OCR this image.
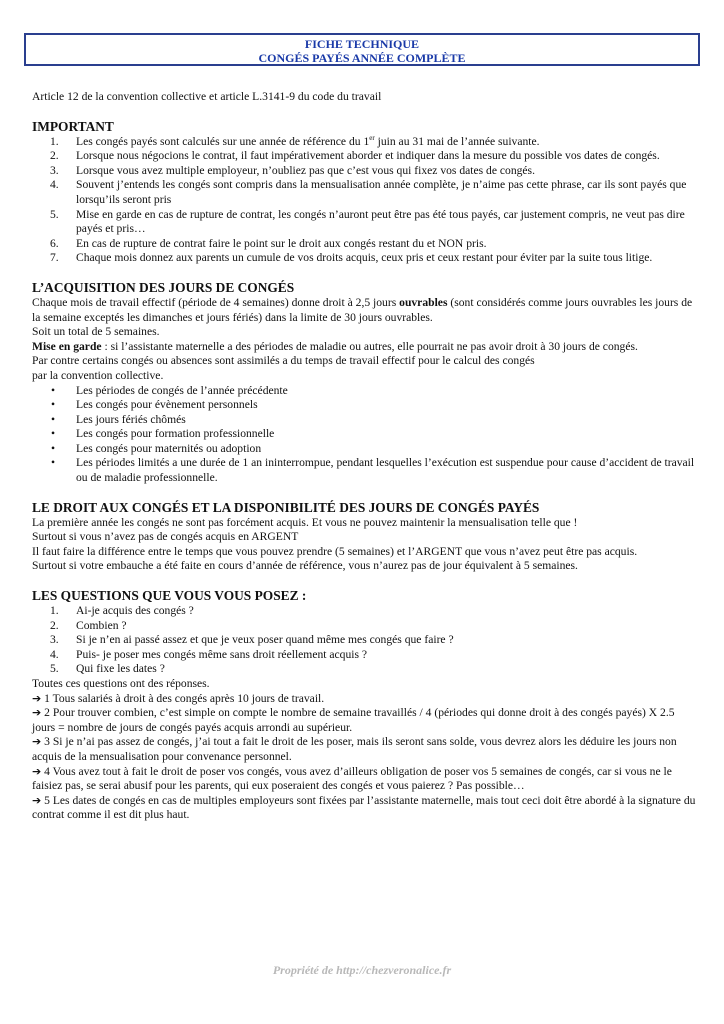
FICHE TECHNIQUE
CONGÉS PAYÉS ANNÉE COMPLÈTE

Article 12 de la convention collective et article L.3141-9 du code du travail

IMPORTANT

1. Les congés payés sont calculés sur une année de référence du 1er juin au 31 mai de l’année suivante.
2. Lorsque nous négocions le contrat, il faut impérativement aborder et indiquer dans la mesure du possible vos dates de congés.
3. Lorsque vous avez multiple employeur, n’oubliez pas que c’est vous qui fixez vos dates de congés.
4. Souvent j’entends les congés sont compris dans la mensualisation année complète, je n’aime pas cette phrase, car ils sont payés que lorsqu’ils seront pris
5. Mise en garde en cas de rupture de contrat, les congés n’auront peut être pas été tous payés, car justement compris, ne veut pas dire payés et pris…
6. En cas de rupture de contrat faire le point sur le droit aux congés restant du et NON pris.
7. Chaque mois donnez aux parents un cumule de vos droits acquis, ceux pris et ceux restant pour éviter par la suite tous litige.

L’ACQUISITION DES JOURS DE CONGÉS

Chaque mois de travail effectif (période de 4 semaines) donne droit à 2,5 jours ouvrables (sont considérés comme jours ouvrables les jours de la semaine exceptés les dimanches et jours fériés) dans la limite de 30 jours ouvrables.

Soit un total de 5 semaines.

Mise en garde : si l’assistante maternelle a des périodes de maladie ou autres, elle pourrait ne pas avoir droit à 30 jours de congés.

Par contre certains congés ou absences sont assimilés a du temps de travail effectif pour le calcul des congés

par la convention collective.

• Les périodes de congés de l’année précédente
• Les congés pour évènement personnels
• Les jours fériés chômés
• Les congés pour formation professionnelle
• Les congés pour maternités ou adoption
• Les périodes limités a une durée de 1 an ininterrompue, pendant lesquelles l’exécution est suspendue pour cause d’accident de travail ou de maladie professionnelle.

LE DROIT AUX CONGÉS ET LA DISPONIBILITÉ DES JOURS DE CONGÉS PAYÉS

La première année les congés ne sont pas forcément acquis. Et vous ne pouvez maintenir la mensualisation telle que !

Surtout si vous n’avez pas de congés acquis en ARGENT

Il faut faire la différence entre le temps que vous pouvez prendre (5 semaines) et l’ARGENT que vous n’avez peut être pas acquis.

Surtout si votre embauche a été faite en cours d’année de référence, vous n’aurez pas de jour équivalent à 5 semaines.

LES QUESTIONS QUE VOUS VOUS POSEZ :

1. Ai-je acquis des congés ?
2. Combien ?
3. Si je n’en ai passé assez et que je veux poser quand même mes congés que faire ?
4. Puis- je poser mes congés même sans droit réellement acquis ?
5. Qui fixe les dates ?

Toutes ces questions ont des réponses.

➔ 1 Tous salariés à droit à des congés après 10 jours de travail.

➔ 2 Pour trouver combien, c’est simple on compte le nombre de semaine travaillés / 4 (périodes qui donne droit à des congés payés) X 2.5 jours = nombre de jours de congés payés acquis arrondi au supérieur.

➔ 3 Si je n’ai pas assez de congés, j’ai tout a fait le droit de les poser, mais ils seront sans solde, vous devrez alors les déduire les jours non acquis de la mensualisation pour convenance personnel.

➔ 4 Vous avez tout à fait le droit de poser vos congés, vous avez d’ailleurs obligation de poser vos 5 semaines de congés, car si vous ne le faisiez pas, se serai abusif pour les parents, qui eux poseraient des congés et vous paierez ? Pas possible…

➔ 5 Les dates de congés en cas de multiples employeurs sont fixées par l’assistante maternelle, mais tout ceci doit être abordé à la signature du contrat comme il est dit plus haut.

Propriété de http://chezveronalice.fr
